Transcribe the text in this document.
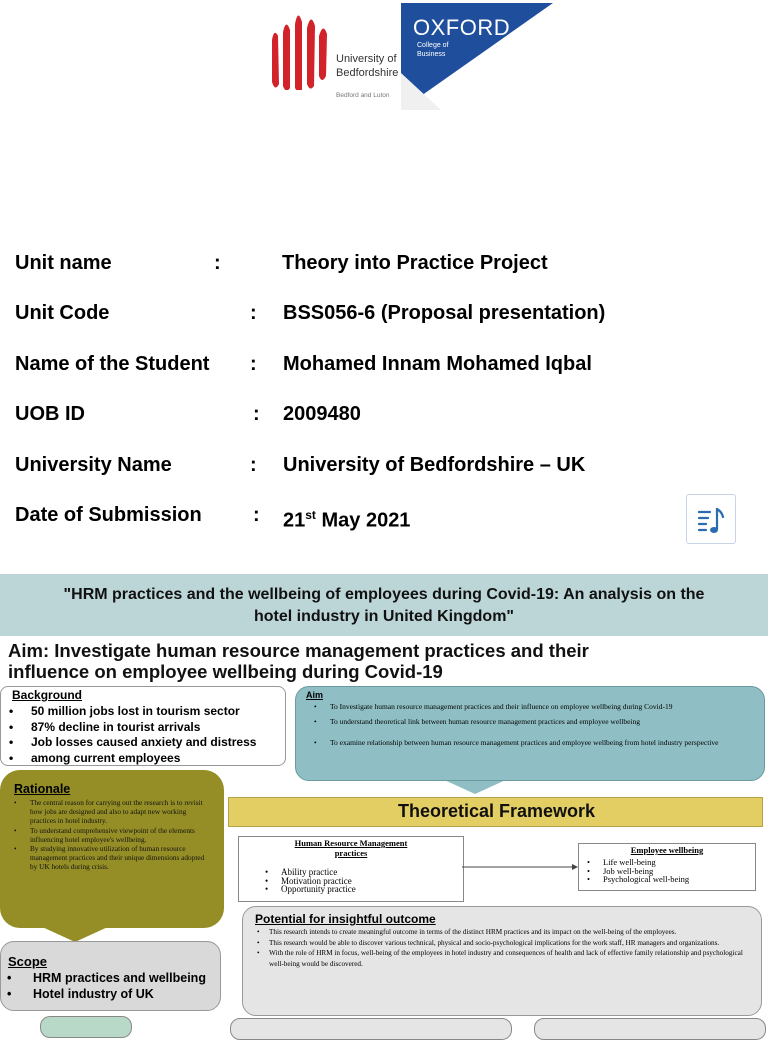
University of
Bedfordshire
Bedford and Luton
OXFORD
College of
Business
Unit name	:	Theory into Practice Project
Unit Code	: BSS056-6 (Proposal presentation)
Name of the Student : Mohamed Innam Mohamed Iqbal
UOB ID	: 2009480
University Name	: University of Bedfordshire – UK
Date of Submission	: 21st May 2021

"HRM practices and the wellbeing of employees during Covid-19: An analysis on the
hotel industry in United Kingdom"

Aim: Investigate human resource management practices and their
influence on employee wellbeing during Covid-19
Background
• 50 million jobs lost in tourism sector
• 87% decline in tourist arrivals
• Job losses caused anxiety and distress
• among current employees
Aim
• To Investigate human resource management practices and their influence on employee wellbeing during Covid-19
• To understand theoretical link between human resource management practices and employee wellbeing
• To examine relationship between human resource management practices and employee wellbeing from hotel industry perspective
Rationale
• The central reason for carrying out the research is to revisit how jobs are designed and also to adapt new working practices in hotel industry.
• To understand comprehensive viewpoint of the elements influencing hotel employee's wellbeing.
• By studying innovative utilization of human resource management practices and their unique dimensions adopted by UK hotels during crisis.
Theoretical Framework
Human Resource Management
practices
• Ability practice
• Motivation practice
• Opportunity practice
Employee wellbeing
• Life well-being
• Job well-being
• Psychological well-being
Potential for insightful outcome
• This research intends to create meaningful outcome in terms of the distinct HRM practices and its impact on the well-being of the employees.
• This research would be able to discover various technical, physical and socio-psychological implications for the work staff, HR managers and organizations.
• With the role of HRM in focus, well-being of the employees in hotel industry and consequences of health and lack of effective family relationship and psychological well-being would be discovered.
Scope
• HRM practices and wellbeing
• Hotel industry of UK
